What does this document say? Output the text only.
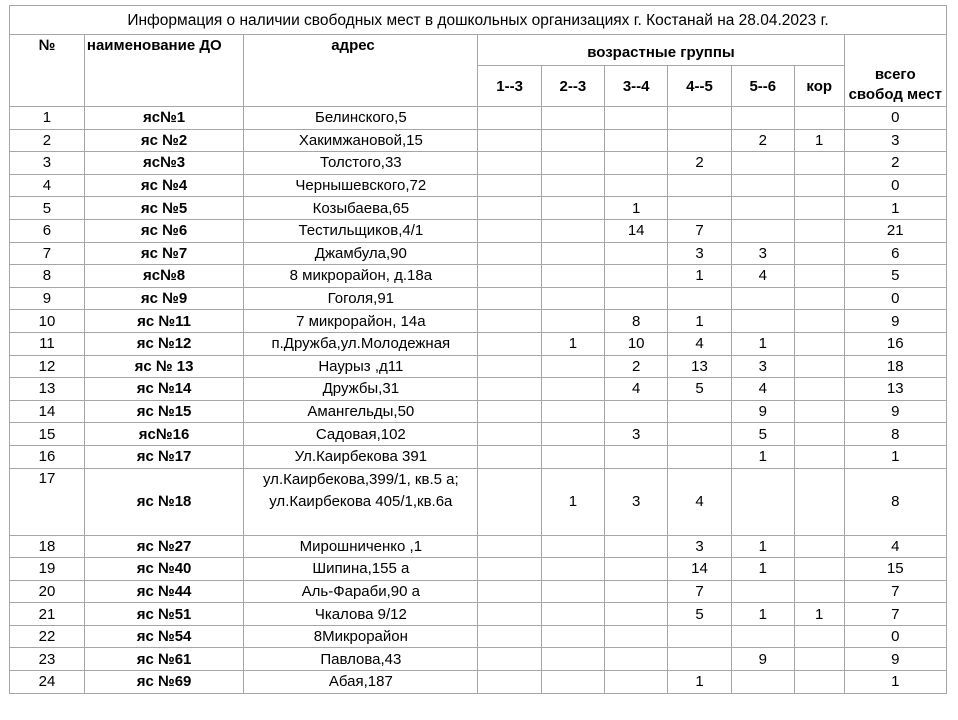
Информация о наличии свободных мест в дошкольных организациях г. Костанай на 28.04.2023 г.									
№	наименование ДО	адрес	возрастные группы						всего
свобод мест
			1--3	2--3	3--4	4--5	5--6	кор	
1	яс№1	Белинского,5							0
2	яс №2	Хакимжановой,15					2	1	3
3	яс№3	Толстого,33				2			2
4	яс №4	Чернышевского,72							0
5	яс №5	Козыбаева,65			1				1
6	яс №6	Тестильщиков,4/1			14	7			21
7	яс №7	Джамбула,90				3	3		6
8	яс№8	8 микрорайон, д.18а				1	4		5
9	яс №9	Гоголя,91							0
10	яс №11	7 микрорайон, 14а			8	1			9
11	яс №12	п.Дружба,ул.Молодежная		1	10	4	1		16
12	яс № 13	Наурыз ,д11			2	13	3		18
13	яс №14	Дружбы,31			4	5	4		13
14	яс №15	Амангельды,50					9		9
15	яс№16	Садовая,102			3		5		8
16	яс №17	Ул.Каирбекова 391					1		1
17	яс №18	ул.Каирбекова,399/1, кв.5 а; ул.Каирбекова 405/1,кв.6а		1	3	4			8
18	яс №27	Мирошниченко ,1				3	1		4
19	яс №40	Шипина,155 а				14	1		15
20	яс №44	Аль-Фараби,90 а				7			7
21	яс №51	Чкалова 9/12				5	1	1	7
22	яс №54	8Микрорайон							0
23	яс №61	Павлова,43					9		9
24	яс №69	Абая,187				1			1
